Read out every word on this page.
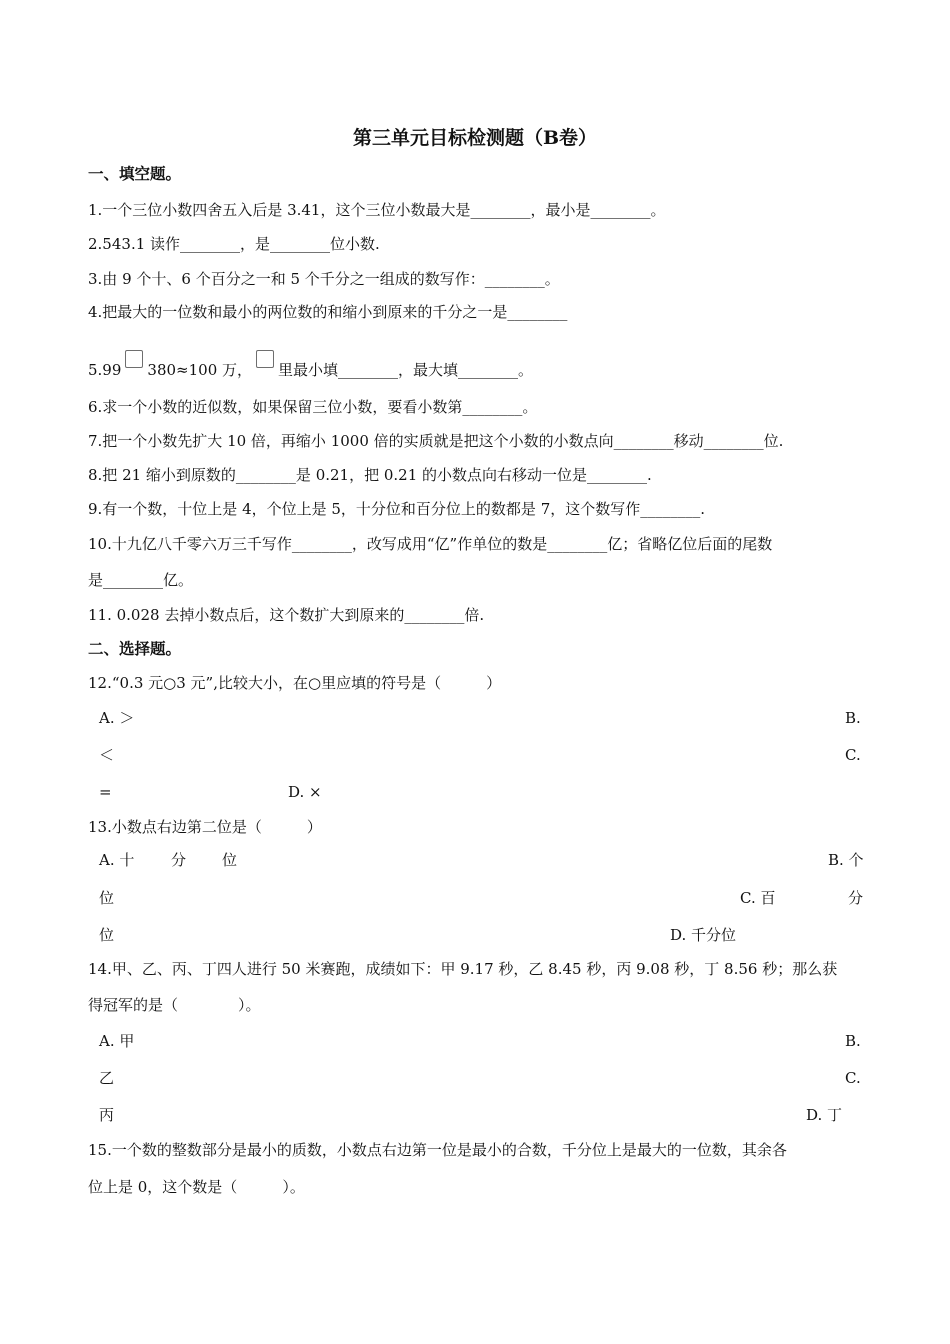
第三单元目标检测题（B卷）
一、填空题。
1.一个三位小数四舍五入后是 3.41，这个三位小数最大是________，最小是________。
2.543.1 读作________，是________位小数.
3.由 9 个十、6 个百分之一和 5 个千分之一组成的数写作：________。
4.把最大的一位数和最小的两位数的和缩小到原来的千分之一是________
5.99 380≈100 万， 里最小填________，最大填________。
6.求一个小数的近似数，如果保留三位小数，要看小数第________。
7.把一个小数先扩大 10 倍，再缩小 1000 倍的实质就是把这个小数的小数点向________移动________位.
8.把 21 缩小到原数的________是 0.21，把 0.21 的小数点向右移动一位是________.
9.有一个数，十位上是 4，个位上是 5，十分位和百分位上的数都是 7，这个数写作________.
10.十九亿八千零六万三千写作________，改写成用“亿”作单位的数是________亿；省略亿位后面的尾数
是________亿。
11. 0.028 去掉小数点后，这个数扩大到原来的________倍.
二、选择题。
12.“0.3 元○3 元”,比较大小，在○里应填的符号是（　　　）
A. ＞	B.
＜	C.
=	D. ×
13.小数点右边第二位是（　　　）
A. 十 分 位	B. 个
位	C. 百	分
位	D. 千分位
14.甲、乙、丙、丁四人进行 50 米赛跑，成绩如下：甲 9.17 秒，乙 8.45 秒，丙 9.08 秒，丁 8.56 秒；那么获
得冠军的是（　　　　）。
A. 甲	B.
乙	C.
丙	D. 丁
15.一个数的整数部分是最小的质数，小数点右边第一位是最小的合数，千分位上是最大的一位数，其余各
位上是 0，这个数是（　　　）。
